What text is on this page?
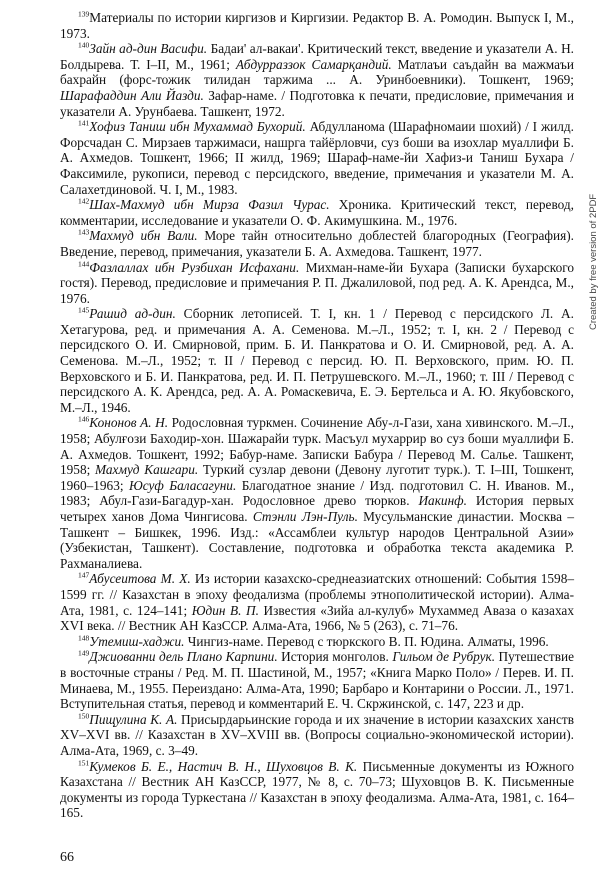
$^{139}$Материалы по истории киргизов и Киргизии. Редактор В. А. Ромодин. Выпуск I, М., 1973.

$^{140}$Зайн ад-дин Васифи. Бадаи' ал-вакаи'. Критический текст, введение и указатели А. Н. Болдырева. Т. I–II, М., 1961; Абдурраззок Самарқандий. Матлаъи саъдайн ва мажмаъи бахрайн (форс-тожик тилидан таржима ... А. Уринбоевники). Тошкент, 1969; Шарафаддин Али Йазди. Зафар-наме. / Подготовка к печати, предисловие, примечания и указатели А. Урунбаева. Ташкент, 1972.

$^{141}$Хофиз Таниш ибн Мухаммад Бухорий. Абдулланома (Шарафномаии шохий) / I жилд. Форсчадан С. Мирзаев таржимаси, нашрга тайёрловчи, суз боши ва изохлар муаллифи Б. А. Ахмедов. Тошкент, 1966; II жилд, 1969; Шараф-наме-йи Хафиз-и Таниш Бухара / Факсимиле, рукописи, перевод с персидского, введение, примечания и указатели М. А. Салахетдиновой. Ч. I, М., 1983.

$^{142}$Шах-Махмуд ибн Мирза Фазил Чурас. Хроника. Критический текст, перевод, комментарии, исследование и указатели О. Ф. Акимушкина. М., 1976.

$^{143}$Махмуд ибн Вали. Море тайн относительно доблестей благородных (География). Введение, перевод, примечания, указатели Б. А. Ахмедова. Ташкент, 1977.

$^{144}$Фазлаллах ибн Рузбихан Исфахани. Михман-наме-йи Бухара (Записки бухарского гостя). Перевод, предисловие и примечания Р. П. Джалиловой, под ред. А. К. Арендса, М., 1976.

$^{145}$Рашид ад-дин. Сборник летописей. Т. I, кн. 1 / Перевод с персидского Л. А. Хетагурова, ред. и примечания А. А. Семенова. М.–Л., 1952; т. I, кн. 2 / Перевод с персидского О. И. Смирновой, прим. Б. И. Панкратова и О. И. Смирновой, ред. А. А. Семенова. М.–Л., 1952; т. II / Перевод с персид. Ю. П. Верховского, прим. Ю. П. Верховского и Б. И. Панкратова, ред. И. П. Петрушевского. М.–Л., 1960; т. III / Перевод с персидского А. К. Арендса, ред. А. А. Ромаскевича, Е. Э. Бертельса и А. Ю. Якубовского, М.–Л., 1946.

$^{146}$Кононов А. Н. Родословная туркмен. Сочинение Абу-л-Гази, хана хивинского. М.–Л., 1958; Абулғози Баходир-хон. Шажарайи турк. Масъул мухаррир во суз боши муаллифи Б. А. Ахмедов. Тошкент, 1992; Бабур-наме. Записки Бабура / Перевод М. Салье. Ташкент, 1958; Махмуд Кашгари. Туркий сузлар девони (Девону луготит турк.). Т. I–III, Тошкент, 1960–1963; Юсуф Баласагуни. Благодатное знание / Изд. подготовил С. Н. Иванов. М., 1983; Абул-Гази-Багадур-хан. Родословное древо тюрков. Иакинф. История первых четырех ханов Дома Чингисова. Стэнли Лэн-Пуль. Мусульманские династии. Москва – Ташкент – Бишкек, 1996. Изд.: «Ассамблеи культур народов Центральной Азии» (Узбекистан, Ташкент). Составление, подготовка и обработка текста академика Р. Рахманалиева.

$^{147}$Абусеитова М. Х. Из истории казахско-среднеазиатских отношений: События 1598–1599 гг. // Казахстан в эпоху феодализма (проблемы этнополитической истории). Алма-Ата, 1981, с. 124–141; Юдин В. П. Известия «Зийа ал-кулуб» Мухаммед Аваза о казахах XVI века. // Вестник АН КазССР. Алма-Ата, 1966, № 5 (263), с. 71–76.

$^{148}$Утемиш-хаджи. Чингиз-наме. Перевод с тюркского В. П. Юдина. Алматы, 1996.

$^{149}$Джиованни дель Плано Карпини. История монголов. Гильом де Рубрук. Путешествие в восточные страны / Ред. М. П. Шастиной, М., 1957; «Книга Марко Поло» / Перев. И. П. Минаева, М., 1955. Переиздано: Алма-Ата, 1990; Барбаро и Контарини о России. Л., 1971. Вступительная статья, перевод и комментарий Е. Ч. Скржинской, с. 147, 223 и др.

$^{150}$Пищулина К. А. Присырдарьинские города и их значение в истории казахских ханств XV–XVI вв. // Казахстан в XV–XVIII вв. (Вопросы социально-экономической истории). Алма-Ата, 1969, с. 3–49.

$^{151}$Кумеков Б. Е., Настич В. Н., Шуховцов В. К. Письменные документы из Южного Казахстана // Вестник АН КазССР, 1977, № 8, с. 70–73; Шуховцов В. К. Письменные документы из города Туркестана // Казахстан в эпоху феодализма. Алма-Ата, 1981, с. 164–165.

Created by free version of 2PDF
66
